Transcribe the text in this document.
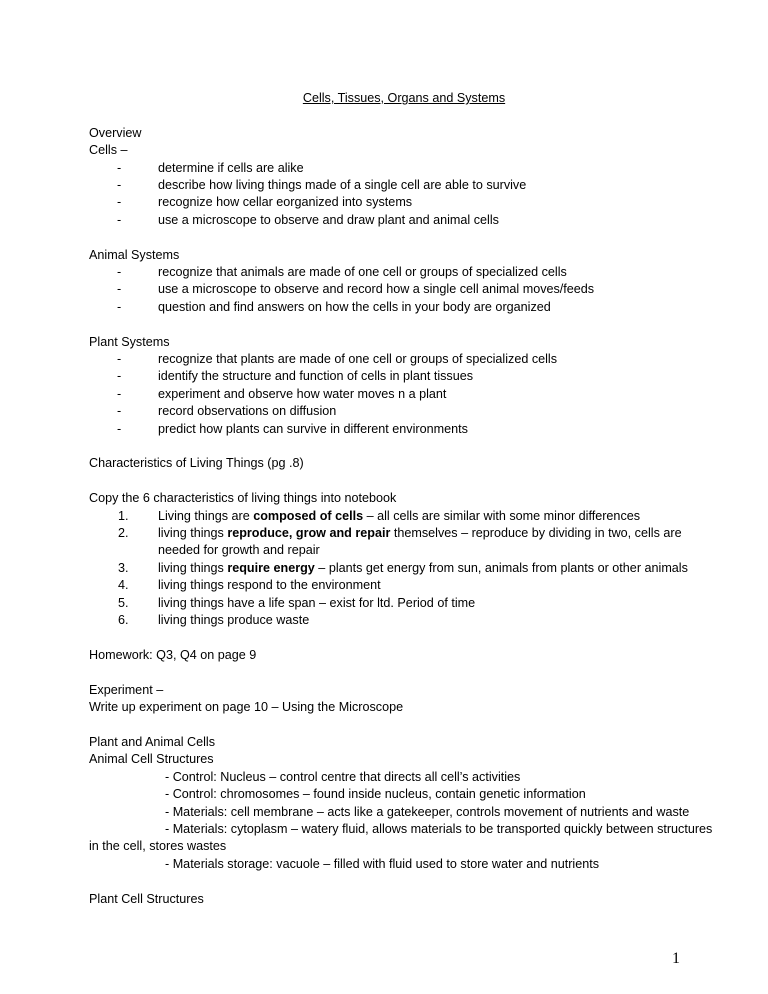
Cells, Tissues, Organs and Systems
Overview
Cells –
-	determine if cells are alike
-	describe how living things made of a single cell are able to survive
-	recognize how cellar eorganized into systems
-	use a microscope to observe and draw plant and animal cells
Animal Systems
-	recognize that animals are made of one cell or groups of specialized cells
-	use a microscope to observe and record how a single cell animal moves/feeds
-	question and find answers on how the cells in your body are organized
Plant Systems
-	recognize that plants are made of one cell or groups of specialized cells
-	identify the structure and function of cells in plant tissues
-	experiment and observe how water moves n a plant
-	record observations on diffusion
-	predict how plants can survive in different environments
Characteristics of Living Things (pg .8)
Copy the 6 characteristics of living things into notebook
1. Living things are composed of cells – all cells are similar with some minor differences
2. living things reproduce, grow and repair themselves – reproduce by dividing in two, cells are
needed for growth and repair
3. living things require energy – plants get energy from sun, animals from plants or other animals
4. living things respond to the environment
5. living things have a life span – exist for ltd. Period of time
6. living things produce waste
Homework: Q3, Q4 on page 9
Experiment –
Write up experiment on page 10 – Using the Microscope
Plant and Animal Cells
Animal Cell Structures
- Control: Nucleus – control centre that directs all cell’s activities
- Control: chromosomes – found inside nucleus, contain genetic information
- Materials: cell membrane – acts like a gatekeeper, controls movement of nutrients and waste
- Materials: cytoplasm – watery fluid, allows materials to be transported quickly between structures
in the cell, stores wastes
- Materials storage: vacuole – filled with fluid used to store water and nutrients
Plant Cell Structures
1
